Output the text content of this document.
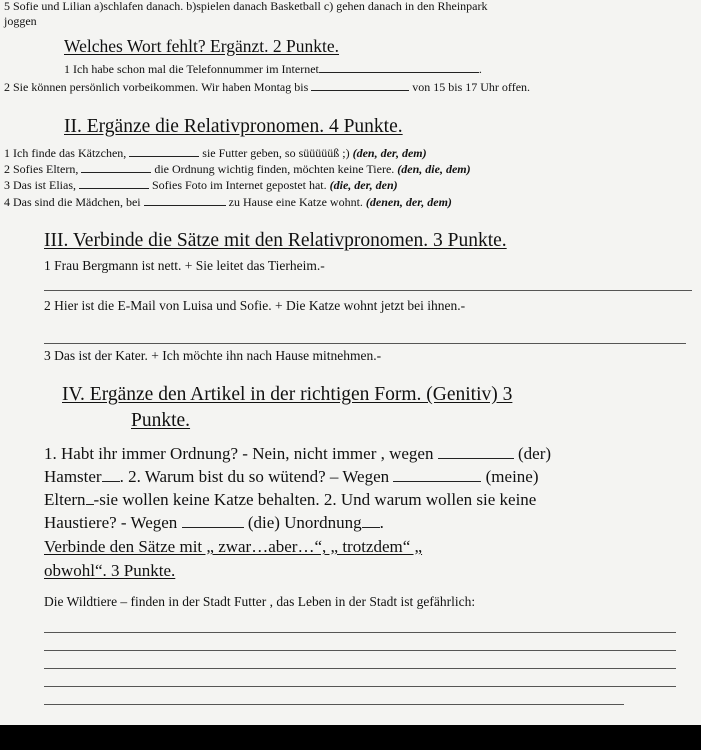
5 Sofie und Lilian a)schlafen danach. b)spielen danach Basketball c) gehen danach in den Rheinpark
joggen
Welches Wort fehlt? Ergänzt. 2 Punkte.
1 Ich habe schon mal die Telefonnummer im Internet	.
2 Sie können persönlich vorbeikommen. Wir haben Montag bis	von 15 bis 17 Uhr offen.
II. Ergänze die Relativpronomen. 4 Punkte.
1 Ich finde das Kätzchen,	sie Futter geben, so süüüüüß ;) (den, der, dem)
2 Sofies Eltern,	die Ordnung wichtig finden, möchten keine Tiere. (den, die, dem)
3 Das ist Elias,	Sofies Foto im Internet gepostet hat. (die, der, den)
4 Das sind die Mädchen, bei	zu Hause eine Katze wohnt. (denen, der, dem)
III. Verbinde die Sätze mit den Relativpronomen. 3 Punkte.
1 Frau Bergmann ist nett. + Sie leitet das Tierheim.-
2 Hier ist die E-Mail von Luisa und Sofie. + Die Katze wohnt jetzt bei ihnen.-
3 Das ist der Kater. + Ich möchte ihn nach Hause mitnehmen.-
IV. Ergänze den Artikel in der richtigen Form. (Genitiv) 3
Punkte.
1. Habt ihr immer Ordnung? - Nein, nicht immer , wegen	(der)
Hamster . 2. Warum bist du so wütend? – Wegen	(meine)
Eltern -sie wollen keine Katze behalten. 2. Und warum wollen sie keine
Haustiere? - Wegen	(die) Unordnung .
Verbinde den Sätze mit „ zwar…aber…“, „ trotzdem“ „
obwohl“. 3 Punkte.
Die Wildtiere – finden in der Stadt Futter , das Leben in der Stadt ist gefährlich:
